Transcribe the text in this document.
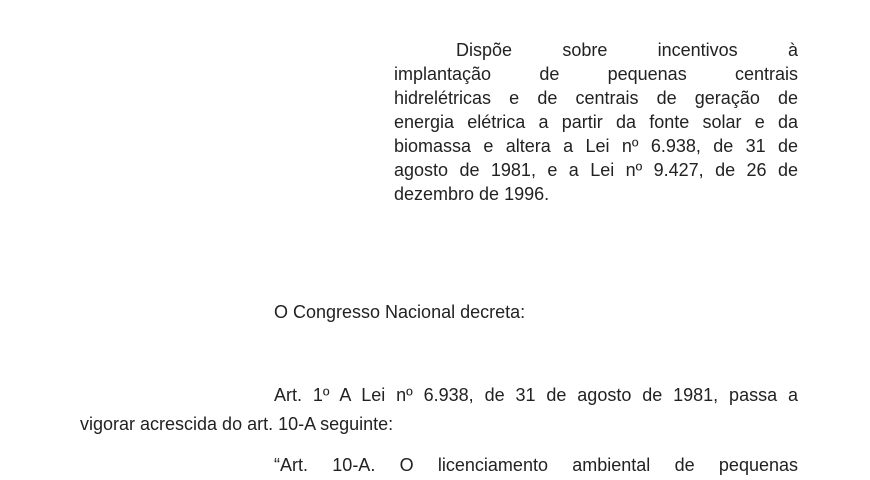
Dispõe sobre incentivos à
implantação de pequenas centrais
hidrelétricas e de centrais de geração de
energia elétrica a partir da fonte solar e da
biomassa e altera a Lei nº 6.938, de 31 de
agosto de 1981, e a Lei nº 9.427, de 26 de
dezembro de 1996.
O Congresso Nacional decreta:
Art. 1º A Lei nº 6.938, de 31 de agosto de 1981, passa a
vigorar acrescida do art. 10-A seguinte:
“Art. 10-A. O licenciamento ambiental de pequenas
